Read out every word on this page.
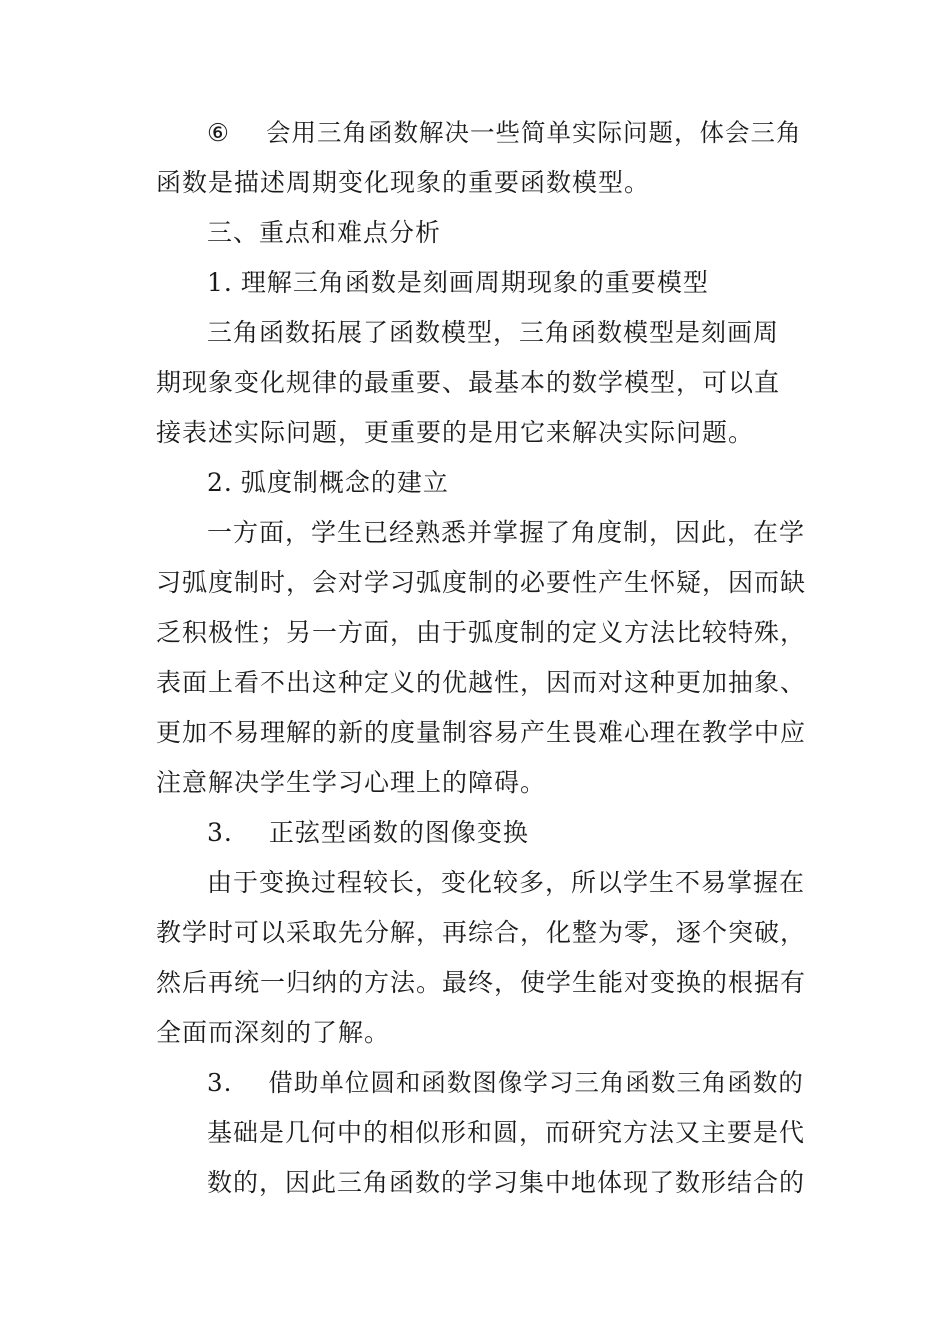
⑥ 会用三角函数解决一些简单实际问题，体会三角
函数是描述周期变化现象的重要函数模型。
三、重点和难点分析
1. 理解三角函数是刻画周期现象的重要模型
三角函数拓展了函数模型，三角函数模型是刻画周
期现象变化规律的最重要、最基本的数学模型，可以直
接表述实际问题，更重要的是用它来解决实际问题。
2. 弧度制概念的建立
一方面，学生已经熟悉并掌握了角度制，因此，在学
习弧度制时，会对学习弧度制的必要性产生怀疑，因而缺
乏积极性；另一方面，由于弧度制的定义方法比较特殊，
表面上看不出这种定义的优越性，因而对这种更加抽象、
更加不易理解的新的度量制容易产生畏难心理在教学中应
注意解决学生学习心理上的障碍。
3. 正弦型函数的图像变换
由于变换过程较长，变化较多，所以学生不易掌握在
教学时可以采取先分解，再综合，化整为零，逐个突破，
然后再统一归纳的方法。最终，使学生能对变换的根据有
全面而深刻的了解。
3. 借助单位圆和函数图像学习三角函数三角函数的
基础是几何中的相似形和圆，而研究方法又主要是代
数的，因此三角函数的学习集中地体现了数形结合的
